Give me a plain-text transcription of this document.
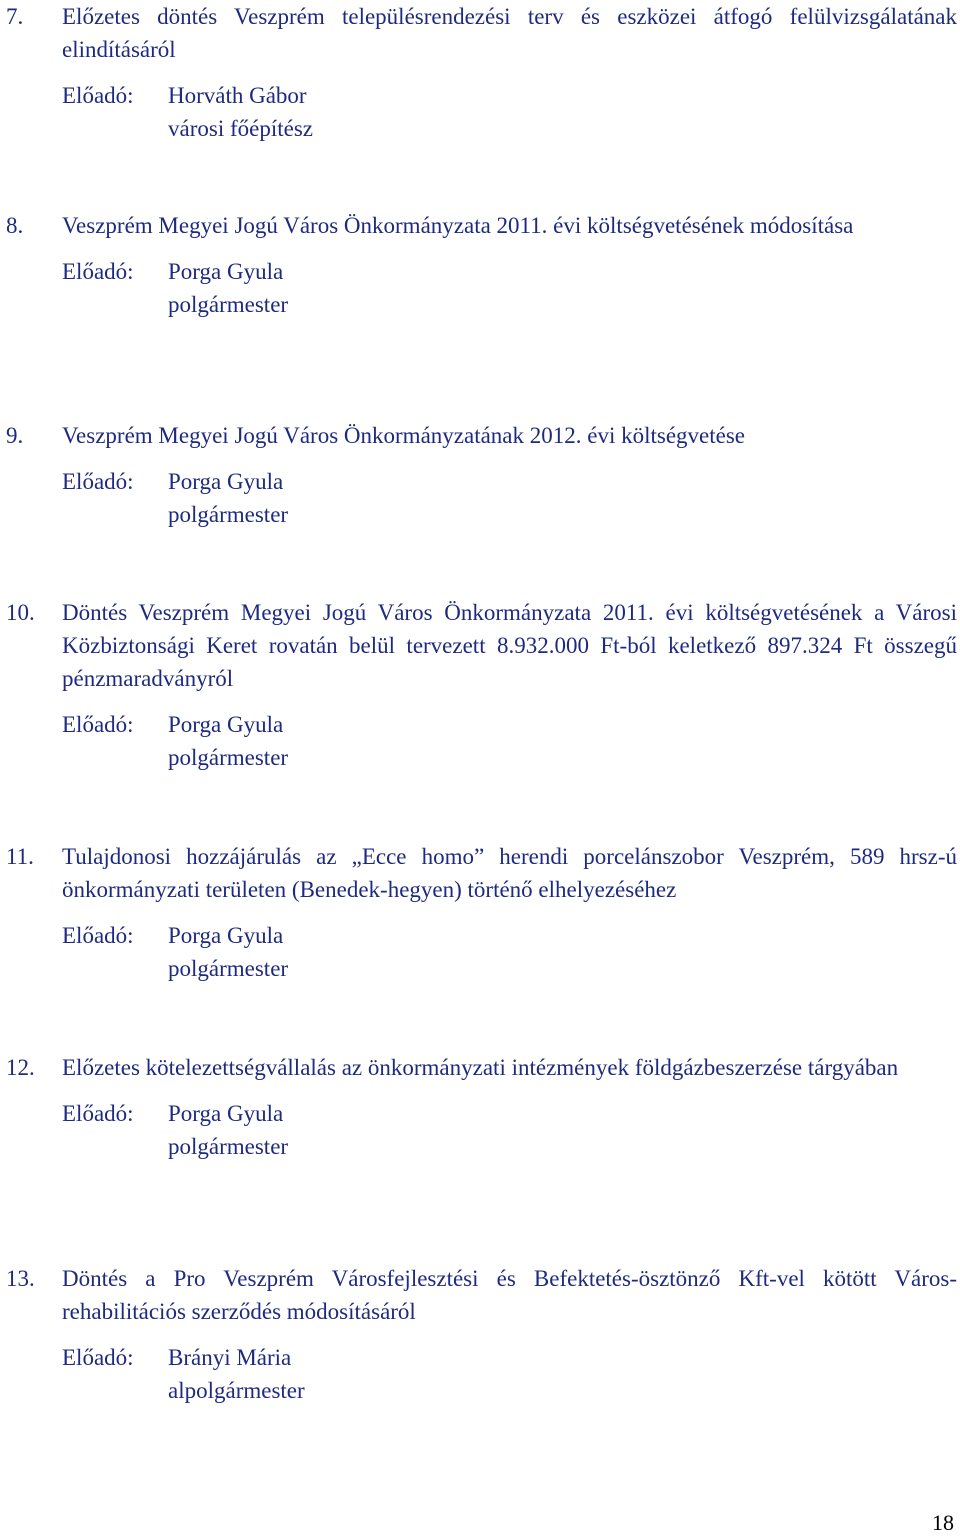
7.	Előzetes döntés Veszprém településrendezési terv és eszközei átfogó felülvizsgálatának elindításáról
Előadó:	Horváth Gábor
városi főépítész
8.	Veszprém Megyei Jogú Város Önkormányzata 2011. évi költségvetésének módosítása
Előadó:	Porga Gyula
polgármester
9.	Veszprém Megyei Jogú Város Önkormányzatának 2012. évi költségvetése
Előadó:	Porga Gyula
polgármester
10.	Döntés Veszprém Megyei Jogú Város Önkormányzata 2011. évi költségvetésének a Városi Közbiztonsági Keret rovatán belül tervezett 8.932.000 Ft-ból keletkező 897.324 Ft összegű pénzmaradványról
Előadó:	Porga Gyula
polgármester
11.	Tulajdonosi hozzájárulás az „Ecce homo” herendi porcelánszobor Veszprém, 589 hrsz-ú önkormányzati területen (Benedek-hegyen) történő elhelyezéséhez
Előadó:	Porga Gyula
polgármester
12.	Előzetes kötelezettségvállalás az önkormányzati intézmények földgázbeszerzése tárgyában
Előadó:	Porga Gyula
polgármester
13.	Döntés a Pro Veszprém Városfejlesztési és Befektetés-ösztönző Kft-vel kötött Város-rehabilitációs szerződés módosításáról
Előadó:	Brányi Mária
alpolgármester
18
